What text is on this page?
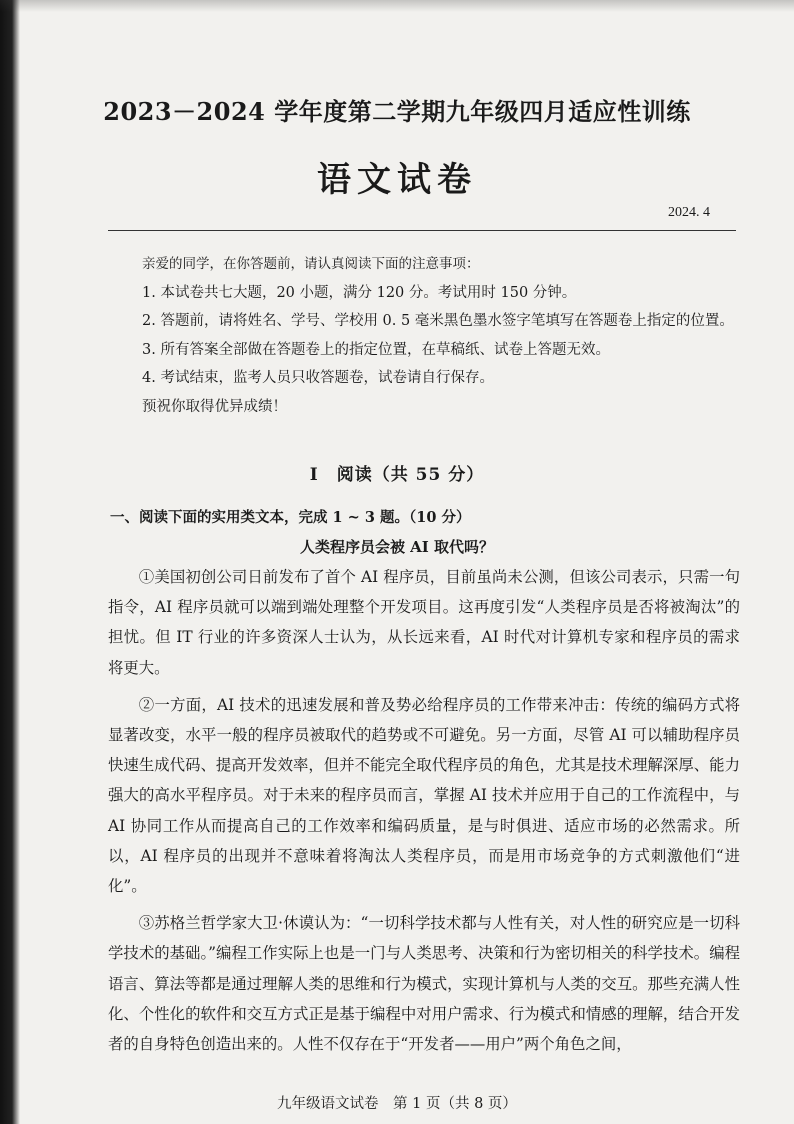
2023－2024 学年度第二学期九年级四月适应性训练
语文试卷
2024. 4
亲爱的同学，在你答题前，请认真阅读下面的注意事项：
1. 本试卷共七大题，20 小题，满分 120 分。考试用时 150 分钟。
2. 答题前，请将姓名、学号、学校用 0. 5 毫米黑色墨水签字笔填写在答题卷上指定的位置。
3. 所有答案全部做在答题卷上的指定位置，在草稿纸、试卷上答题无效。
4. 考试结束，监考人员只收答题卷，试卷请自行保存。
预祝你取得优异成绩！
I　阅读（共 55 分）
一、阅读下面的实用类文本，完成 1 ~ 3 题。（10 分）
人类程序员会被 AI 取代吗？

①美国初创公司日前发布了首个 AI 程序员，目前虽尚未公测，但该公司表示，只需一句指令，AI 程序员就可以端到端处理整个开发项目。这再度引发“人类程序员是否将被淘汰”的担忧。但 IT 行业的许多资深人士认为，从长远来看，AI 时代对计算机专家和程序员的需求将更大。

②一方面，AI 技术的迅速发展和普及势必给程序员的工作带来冲击：传统的编码方式将显著改变，水平一般的程序员被取代的趋势或不可避免。另一方面，尽管 AI 可以辅助程序员快速生成代码、提高开发效率，但并不能完全取代程序员的角色，尤其是技术理解深厚、能力强大的高水平程序员。对于未来的程序员而言，掌握 AI 技术并应用于自己的工作流程中，与 AI 协同工作从而提高自己的工作效率和编码质量，是与时俱进、适应市场的必然需求。所以，AI 程序员的出现并不意味着将淘汰人类程序员，而是用市场竞争的方式刺激他们“进化”。

③苏格兰哲学家大卫·休谟认为：“一切科学技术都与人性有关，对人性的研究应是一切科学技术的基础。”编程工作实际上也是一门与人类思考、决策和行为密切相关的科学技术。编程语言、算法等都是通过理解人类的思维和行为模式，实现计算机与人类的交互。那些充满人性化、个性化的软件和交互方式正是基于编程中对用户需求、行为模式和情感的理解，结合开发者的自身特色创造出来的。人性不仅存在于“开发者——用户”两个角色之间，

九年级语文试卷　第 1 页（共 8 页）
